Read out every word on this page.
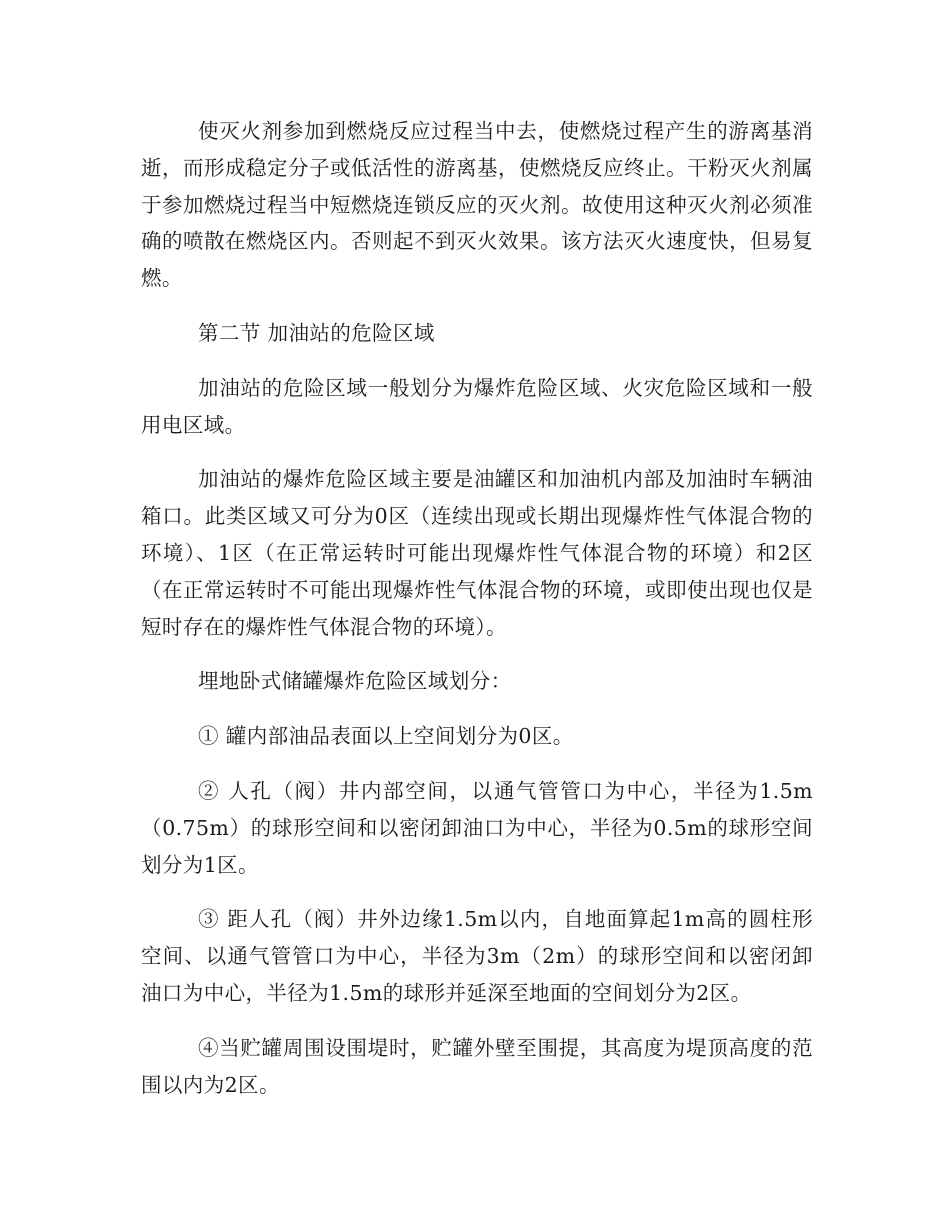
使灭火剂参加到燃烧反应过程当中去，使燃烧过程产生的游离基消逝，而形成稳定分子或低活性的游离基，使燃烧反应终止。干粉灭火剂属于参加燃烧过程当中短燃烧连锁反应的灭火剂。故使用这种灭火剂必须准确的喷散在燃烧区内。否则起不到灭火效果。该方法灭火速度快，但易复燃。

第二节 加油站的危险区域

加油站的危险区域一般划分为爆炸危险区域、火灾危险区域和一般用电区域。

加油站的爆炸危险区域主要是油罐区和加油机内部及加油时车辆油箱口。此类区域又可分为0区（连续出现或长期出现爆炸性气体混合物的环境）、1区（在正常运转时可能出现爆炸性气体混合物的环境）和2区（在正常运转时不可能出现爆炸性气体混合物的环境，或即使出现也仅是短时存在的爆炸性气体混合物的环境）。

埋地卧式储罐爆炸危险区域划分：

① 罐内部油品表面以上空间划分为0区。

② 人孔（阀）井内部空间，以通气管管口为中心，半径为1.5m（0.75m）的球形空间和以密闭卸油口为中心，半径为0.5m的球形空间划分为1区。

③ 距人孔（阀）井外边缘1.5m以内，自地面算起1m高的圆柱形空间、以通气管管口为中心，半径为3m（2m）的球形空间和以密闭卸油口为中心，半径为1.5m的球形并延深至地面的空间划分为2区。

④当贮罐周围设围堤时，贮罐外壁至围提，其高度为堤顶高度的范围以内为2区。
